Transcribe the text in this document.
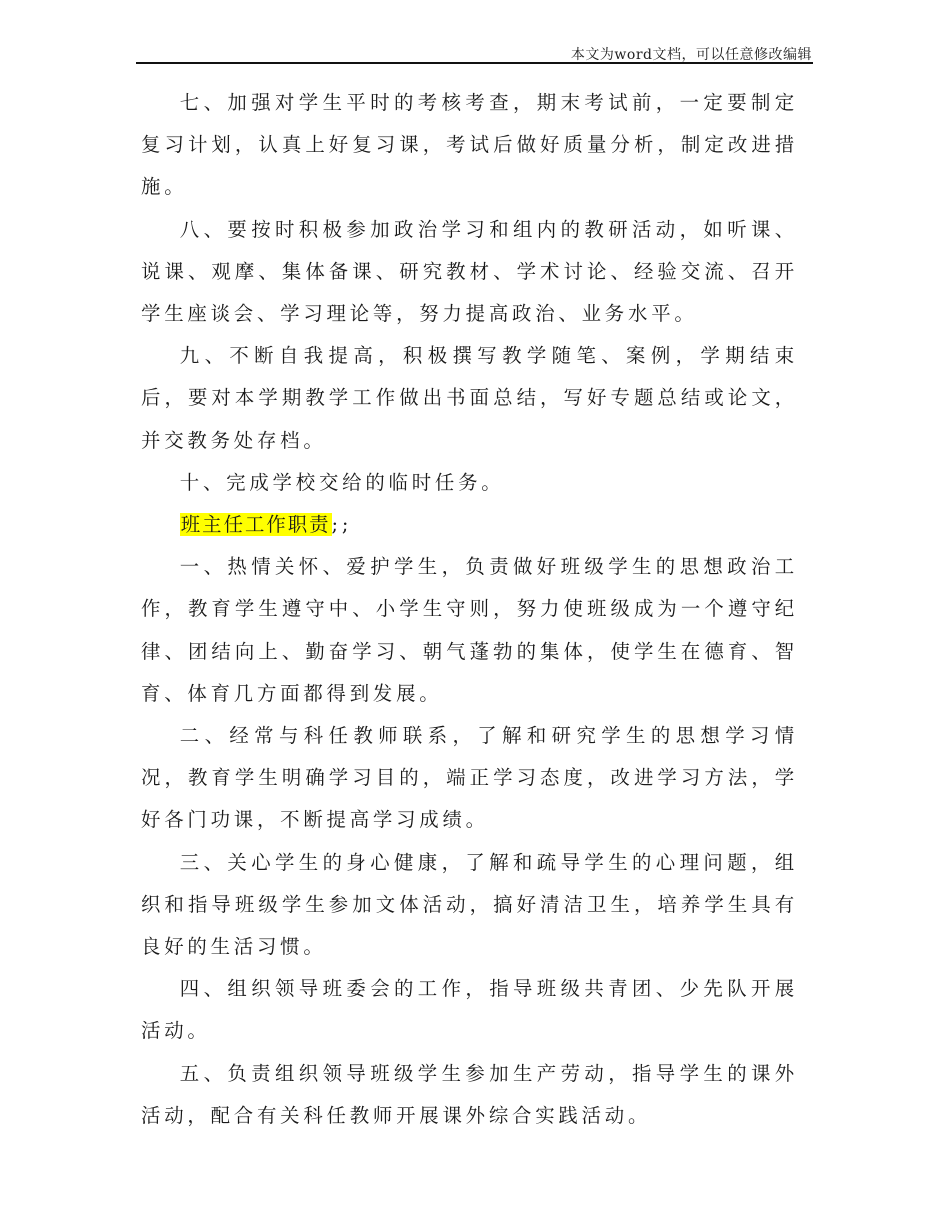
本文为word文档，可以任意修改编辑

七、加强对学生平时的考核考查，期末考试前，一定要制定复习计划，认真上好复习课，考试后做好质量分析，制定改进措施。

八、要按时积极参加政治学习和组内的教研活动，如听课、说课、观摩、集体备课、研究教材、学术讨论、经验交流、召开学生座谈会、学习理论等，努力提高政治、业务水平。

九、不断自我提高，积极撰写教学随笔、案例，学期结束后，要对本学期教学工作做出书面总结，写好专题总结或论文，并交教务处存档。

十、完成学校交给的临时任务。

班主任工作职责;;

一、热情关怀、爱护学生，负责做好班级学生的思想政治工作，教育学生遵守中、小学生守则，努力使班级成为一个遵守纪律、团结向上、勤奋学习、朝气蓬勃的集体，使学生在德育、智育、体育几方面都得到发展。

二、经常与科任教师联系，了解和研究学生的思想学习情况，教育学生明确学习目的，端正学习态度，改进学习方法，学好各门功课，不断提高学习成绩。

三、关心学生的身心健康，了解和疏导学生的心理问题，组织和指导班级学生参加文体活动，搞好清洁卫生，培养学生具有良好的生活习惯。

四、组织领导班委会的工作，指导班级共青团、少先队开展活动。

五、负责组织领导班级学生参加生产劳动，指导学生的课外活动，配合有关科任教师开展课外综合实践活动。
